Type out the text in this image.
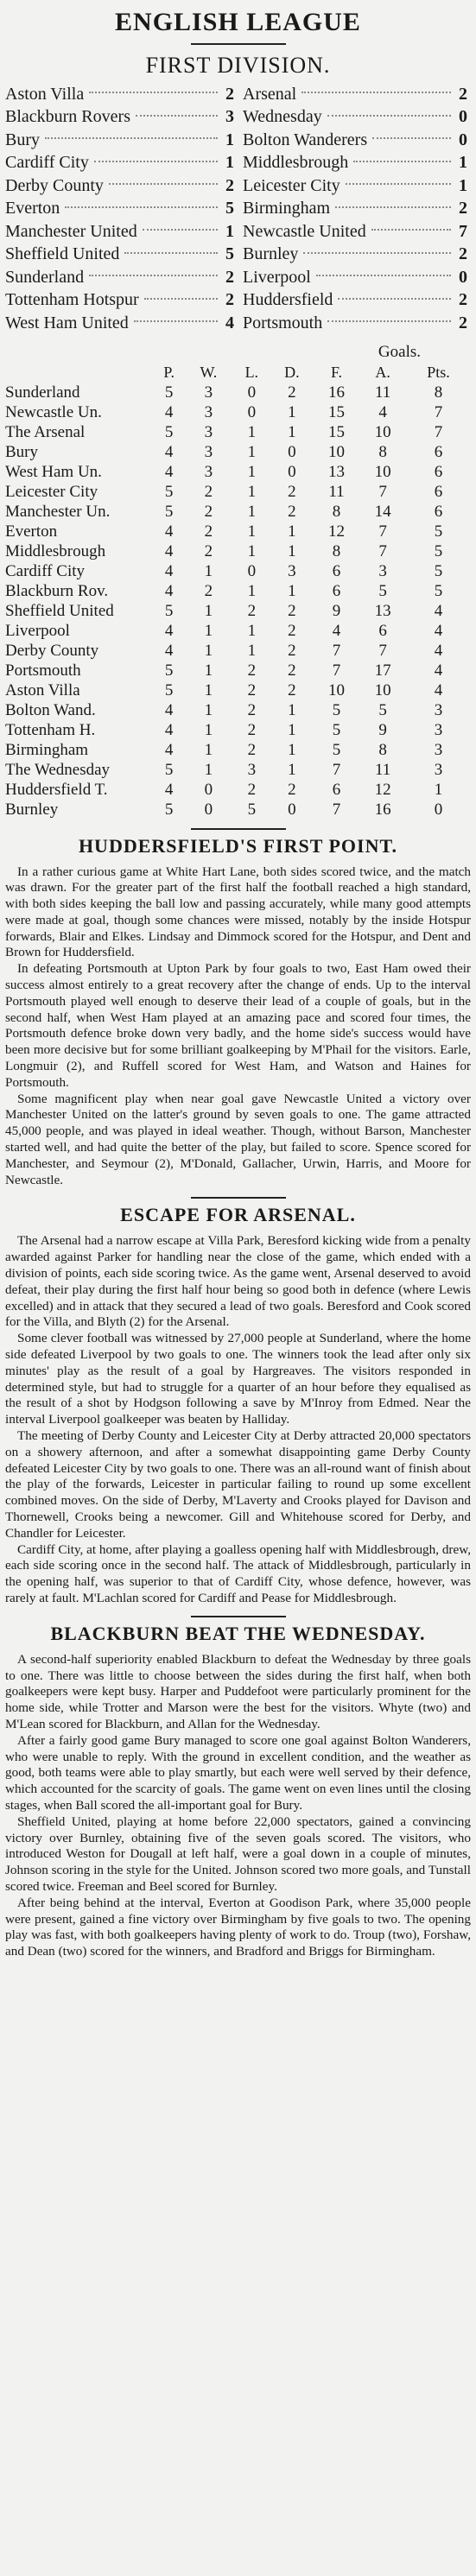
ENGLISH LEAGUE
FIRST DIVISION.
Aston Villa	2 Arsenal	2
Blackburn Rovers	3 Wednesday	0
Bury	1 Bolton Wanderers	0
Cardiff City	1 Middlesbrough	1
Derby County	2 Leicester City	1
Everton	5 Birmingham	2
Manchester United	1 Newcastle United	7
Sheffield United	5 Burnley	2
Sunderland	2 Liverpool	0
Tottenham Hotspur	2 Huddersfield	2
West Ham United	4 Portsmouth	2
Goals.
		P.	W.	L.	D.	F.	A.	Pts.
Sunderland		5	3	0	2	16	11	8
Newcastle Un.		4	3	0	1	15	4	7
The Arsenal		5	3	1	1	15	10	7
Bury		4	3	1	0	10	8	6
West Ham Un.		4	3	1	0	13	10	6
Leicester City		5	2	1	2	11	7	6
Manchester Un.		5	2	1	2	8	14	6
Everton		4	2	1	1	12	7	5
Middlesbrough		4	2	1	1	8	7	5
Cardiff City		4	1	0	3	6	3	5
Blackburn Rov.		4	2	1	1	6	5	5
Sheffield United		5	1	2	2	9	13	4
Liverpool		4	1	1	2	4	6	4
Derby County		4	1	1	2	7	7	4
Portsmouth		5	1	2	2	7	17	4
Aston Villa		5	1	2	2	10	10	4
Bolton Wand.		4	1	2	1	5	5	3
Tottenham H.		4	1	2	1	5	9	3
Birmingham		4	1	2	1	5	8	3
The Wednesday		5	1	3	1	7	11	3
Huddersfield T.		4	0	2	2	6	12	1
Burnley		5	0	5	0	7	16	0
HUDDERSFIELD'S FIRST POINT.

In a rather curious game at White Hart Lane, both sides scored twice, and the match was drawn. For the greater part of the first half the football reached a high standard, with both sides keeping the ball low and passing accurately, while many good attempts were made at goal, though some chances were missed, notably by the inside Hotspur forwards, Blair and Elkes. Lindsay and Dimmock scored for the Hotspur, and Dent and Brown for Huddersfield.

In defeating Portsmouth at Upton Park by four goals to two, East Ham owed their success almost entirely to a great recovery after the change of ends. Up to the interval Portsmouth played well enough to deserve their lead of a couple of goals, but in the second half, when West Ham played at an amazing pace and scored four times, the Portsmouth defence broke down very badly, and the home side's success would have been more decisive but for some brilliant goalkeeping by M'Phail for the visitors. Earle, Longmuir (2), and Ruffell scored for West Ham, and Watson and Haines for Portsmouth.

Some magnificent play when near goal gave Newcastle United a victory over Manchester United on the latter's ground by seven goals to one. The game attracted 45,000 people, and was played in ideal weather. Though, without Barson, Manchester started well, and had quite the better of the play, but failed to score. Spence scored for Manchester, and Seymour (2), M'Donald, Gallacher, Urwin, Harris, and Moore for Newcastle.

ESCAPE FOR ARSENAL.

The Arsenal had a narrow escape at Villa Park, Beresford kicking wide from a penalty awarded against Parker for handling near the close of the game, which ended with a division of points, each side scoring twice. As the game went, Arsenal deserved to avoid defeat, their play during the first half hour being so good both in defence (where Lewis excelled) and in attack that they secured a lead of two goals. Beresford and Cook scored for the Villa, and Blyth (2) for the Arsenal.

Some clever football was witnessed by 27,000 people at Sunderland, where the home side defeated Liverpool by two goals to one. The winners took the lead after only six minutes' play as the result of a goal by Hargreaves. The visitors responded in determined style, but had to struggle for a quarter of an hour before they equalised as the result of a shot by Hodgson following a save by M'Inroy from Edmed. Near the interval Liverpool goalkeeper was beaten by Halliday.

The meeting of Derby County and Leicester City at Derby attracted 20,000 spectators on a showery afternoon, and after a somewhat disappointing game Derby County defeated Leicester City by two goals to one. There was an all-round want of finish about the play of the forwards, Leicester in particular failing to round up some excellent combined moves. On the side of Derby, M'Laverty and Crooks played for Davison and Thornewell, Crooks being a newcomer. Gill and Whitehouse scored for Derby, and Chandler for Leicester.

Cardiff City, at home, after playing a goalless opening half with Middlesbrough, drew, each side scoring once in the second half. The attack of Middlesbrough, particularly in the opening half, was superior to that of Cardiff City, whose defence, however, was rarely at fault. M'Lachlan scored for Cardiff and Pease for Middlesbrough.

BLACKBURN BEAT THE WEDNESDAY.

A second-half superiority enabled Blackburn to defeat the Wednesday by three goals to one. There was little to choose between the sides during the first half, when both goalkeepers were kept busy. Harper and Puddefoot were particularly prominent for the home side, while Trotter and Marson were the best for the visitors. Whyte (two) and M'Lean scored for Blackburn, and Allan for the Wednesday.

After a fairly good game Bury managed to score one goal against Bolton Wanderers, who were unable to reply. With the ground in excellent condition, and the weather as good, both teams were able to play smartly, but each were well served by their defence, which accounted for the scarcity of goals. The game went on even lines until the closing stages, when Ball scored the all-important goal for Bury.

Sheffield United, playing at home before 22,000 spectators, gained a convincing victory over Burnley, obtaining five of the seven goals scored. The visitors, who introduced Weston for Dougall at left half, were a goal down in a couple of minutes, Johnson scoring in the style for the United. Johnson scored two more goals, and Tunstall scored twice. Freeman and Beel scored for Burnley.

After being behind at the interval, Everton at Goodison Park, where 35,000 people were present, gained a fine victory over Birmingham by five goals to two. The opening play was fast, with both goalkeepers having plenty of work to do. Troup (two), Forshaw, and Dean (two) scored for the winners, and Bradford and Briggs for Birmingham.
